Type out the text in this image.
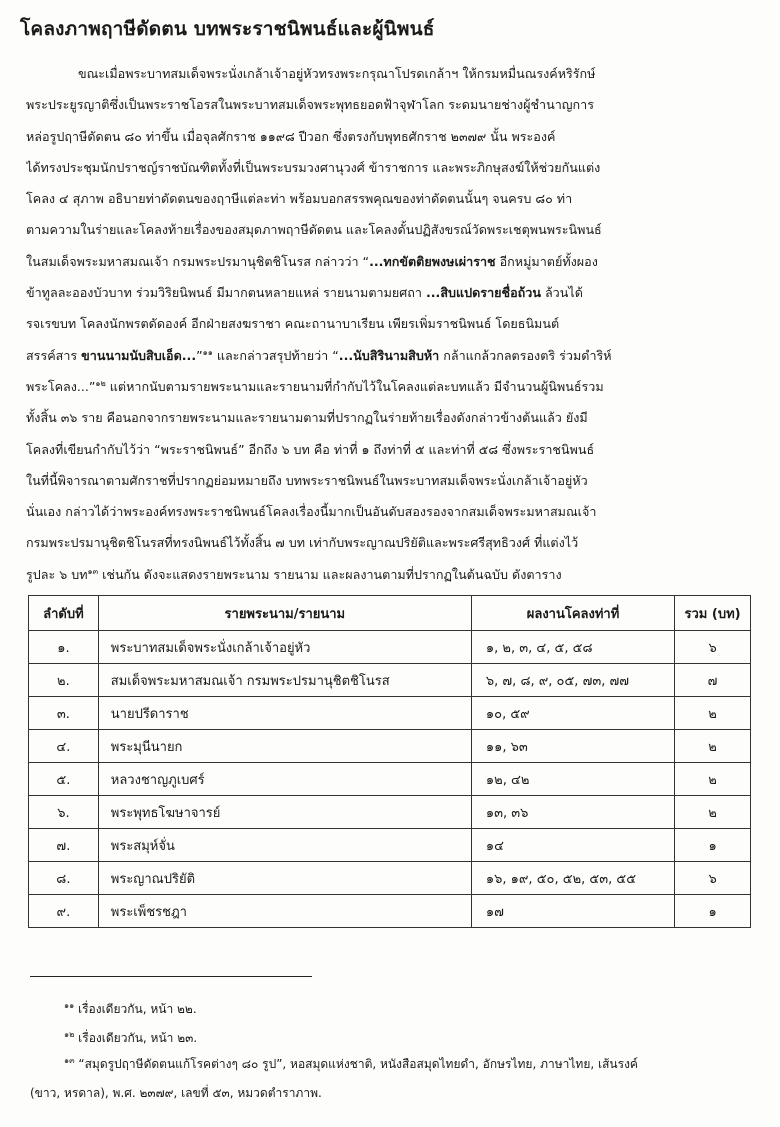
โคลงภาพฤาษีดัดตน บทพระราชนิพนธ์และผู้นิพนธ์
ขณะเมื่อพระบาทสมเด็จพระนั่งเกล้าเจ้าอยู่หัวทรงพระกรุณาโปรดเกล้าฯ ให้กรมหมื่นณรงค์หริรักษ์
พระประยูรญาติซึ่งเป็นพระราชโอรสในพระบาทสมเด็จพระพุทธยอดฟ้าจุฬาโลก ระดมนายช่างผู้ชำนาญการ
หล่อรูปฤาษีดัดตน ๘๐ ท่าขึ้น เมื่อจุลศักราช ๑๑๙๘ ปีวอก ซึ่งตรงกับพุทธศักราช ๒๓๗๙ นั้น พระองค์
ได้ทรงประชุมนักปราชญ์ราชบัณฑิตทั้งที่เป็นพระบรมวงศานุวงศ์ ข้าราชการ และพระภิกษุสงฆ์ให้ช่วยกันแต่ง
โคลง ๔ สุภาพ อธิบายท่าดัดตนของฤาษีแต่ละท่า พร้อมบอกสรรพคุณของท่าดัดตนนั้นๆ จนครบ ๘๐ ท่า
ตามความในร่ายและโคลงท้ายเรื่องของสมุดภาพฤาษีดัดตน และโคลงดั้นปฏิสังขรณ์วัดพระเชตุพนพระนิพนธ์
ในสมเด็จพระมหาสมณเจ้า กรมพระปรมานุชิตชิโนรส กล่าวว่า “...ทกขัตติยพงษเผ่าราช อีกหมู่มาตย์ทั้งผอง
ข้าทูลละอองบัวบาท ร่วมวิริยนิพนธ์ มีมากตนหลายแหล่ รายนามตามยศถา ...สิบแปดรายชื่อถ้วน ล้วนได้
รจเรขบท โคลงนักพรตดัดองค์ อีกฝ่ายสงฆราชา คณะถานาบาเรียน เพียรเพิ่มราชนิพนธ์ โดยธนิมนต์
สรรค์สาร ขานนามนับสิบเอ็ด...”$^{๑๑}$ และกล่าวสรุปท้ายว่า “...นับสิรินามสิบห้า กล้าแกล้วกลตรองตริ ร่วมดำริห์
พระโคลง...”$^{๑๒}$ แต่หากนับตามรายพระนามและรายนามที่กำกับไว้ในโคลงแต่ละบทแล้ว มีจำนวนผู้นิพนธ์รวม
ทั้งสิ้น ๓๖ ราย คือนอกจากรายพระนามและรายนามตามที่ปรากฏในร่ายท้ายเรื่องดังกล่าวข้างต้นแล้ว ยังมี
โคลงที่เขียนกำกับไว้ว่า “พระราชนิพนธ์” อีกถึง ๖ บท คือ ท่าที่ ๑ ถึงท่าที่ ๕ และท่าที่ ๕๘ ซึ่งพระราชนิพนธ์
ในที่นี้พิจารณาตามศักราชที่ปรากฏย่อมหมายถึง บทพระราชนิพนธ์ในพระบาทสมเด็จพระนั่งเกล้าเจ้าอยู่หัว
นั่นเอง กล่าวได้ว่าพระองค์ทรงพระราชนิพนธ์โคลงเรื่องนี้มากเป็นอันดับสองรองจากสมเด็จพระมหาสมณเจ้า
กรมพระปรมานุชิตชิโนรสที่ทรงนิพนธ์ไว้ทั้งสิ้น ๗ บท เท่ากับพระญาณปริยัติและพระศรีสุทธิวงศ์ ที่แต่งไว้
รูปละ ๖ บท$^{๑๓}$ เช่นกัน ดังจะแสดงรายพระนาม รายนาม และผลงานตามที่ปรากฏในต้นฉบับ ดังตาราง
ลำดับที่	รายพระนาม/รายนาม	ผลงานโคลงท่าที่	รวม (บท)
๑.	พระบาทสมเด็จพระนั่งเกล้าเจ้าอยู่หัว	๑, ๒, ๓, ๔, ๕, ๕๘	๖
๒.	สมเด็จพระมหาสมณเจ้า กรมพระปรมานุชิตชิโนรส	๖, ๗, ๘, ๙, ๐๕, ๗๓, ๗๗	๗
๓.	นายปรีดาราช	๑๐, ๕๙	๒
๔.	พระมุนีนายก	๑๑, ๖๓	๒
๕.	หลวงชาญภูเบศร์	๑๒, ๔๒	๒
๖.	พระพุทธโฆษาจารย์	๑๓, ๓๖	๒
๗.	พระสมุห์จั่น	๑๔	๑
๘.	พระญาณปริยัติ	๑๖, ๑๙, ๕๐, ๕๒, ๕๓, ๕๕	๖
๙.	พระเพ็ชรชฎา	๑๗	๑
$^{๑๑}$ เรื่องเดียวกัน, หน้า ๒๒.
$^{๑๒}$ เรื่องเดียวกัน, หน้า ๒๓.
$^{๑๓}$ “สมุดรูปฤาษีดัดตนแก้โรคต่างๆ ๘๐ รูป”, หอสมุดแห่งชาติ, หนังสือสมุดไทยดำ, อักษรไทย, ภาษาไทย, เส้นรงค์
(ขาว, หรดาล), พ.ศ. ๒๓๗๙, เลขที่ ๕๓, หมวดตำราภาพ.
